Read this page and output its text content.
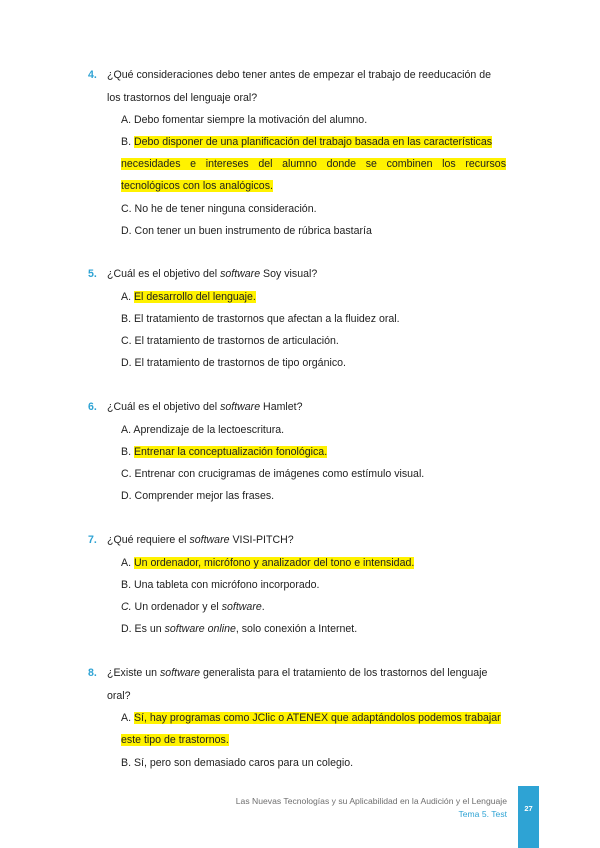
4. ¿Qué consideraciones debo tener antes de empezar el trabajo de reeducación de
los trastornos del lenguaje oral?
A. Debo fomentar siempre la motivación del alumno.
B. Debo disponer de una planificación del trabajo basada en las características
necesidades e intereses del alumno donde se combinen los recursos
tecnológicos con los analógicos.
C. No he de tener ninguna consideración.
D. Con tener un buen instrumento de rúbrica bastaría
5. ¿Cuál es el objetivo del software Soy visual?
A. El desarrollo del lenguaje.
B. El tratamiento de trastornos que afectan a la fluidez oral.
C. El tratamiento de trastornos de articulación.
D. El tratamiento de trastornos de tipo orgánico.
6. ¿Cuál es el objetivo del software Hamlet?
A. Aprendizaje de la lectoescritura.
B. Entrenar la conceptualización fonológica.
C. Entrenar con crucigramas de imágenes como estímulo visual.
D. Comprender mejor las frases.
7. ¿Qué requiere el software VISI-PITCH?
A. Un ordenador, micrófono y analizador del tono e intensidad.
B. Una tableta con micrófono incorporado.
C. Un ordenador y el software.
D. Es un software online, solo conexión a Internet.
8. ¿Existe un software generalista para el tratamiento de los trastornos del lenguaje
oral?
A. Sí, hay programas como JClic o ATENEX que adaptándolos podemos trabajar
este tipo de trastornos.
B. Sí, pero son demasiado caros para un colegio.
Las Nuevas Tecnologías y su Aplicabilidad en la Audición y el Lenguaje
Tema 5. Test
27
